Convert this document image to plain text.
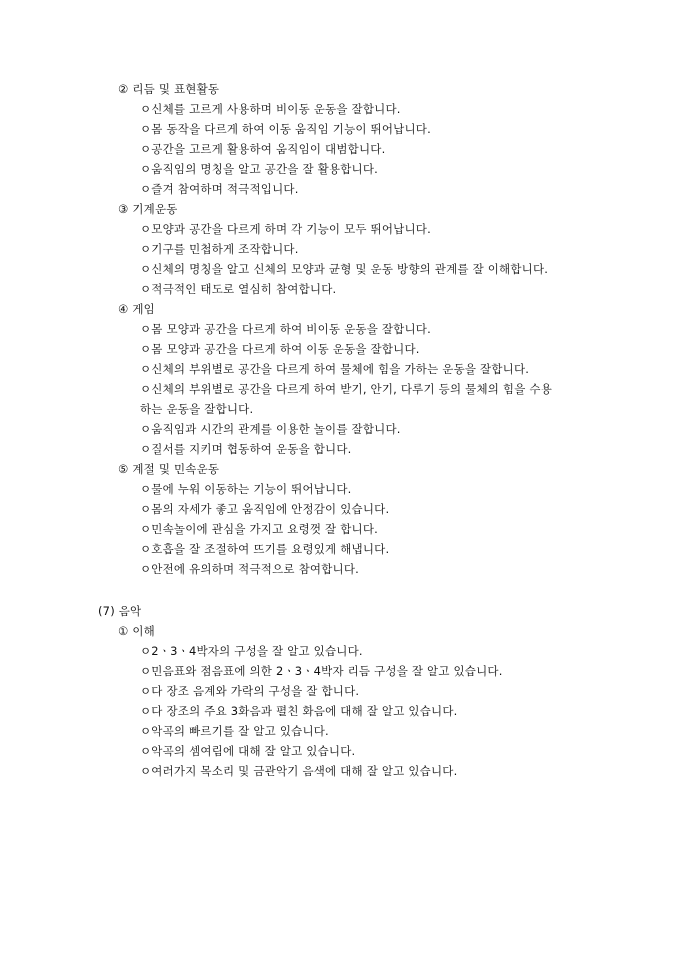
② 리듬 및 표현활동
ㅇ신체를 고르게 사용하며 비이동 운동을 잘합니다.
ㅇ몸 동작을 다르게 하여 이동 움직임 기능이 뛰어납니다.
ㅇ공간을 고르게 활용하여 움직임이 대범합니다.
ㅇ움직임의 명칭을 알고 공간을 잘 활용합니다.
ㅇ즐겨 참여하며 적극적입니다.
③ 기계운동
ㅇ모양과 공간을 다르게 하며 각 기능이 모두 뛰어납니다.
ㅇ기구를 민첩하게 조작합니다.
ㅇ신체의 명칭을 알고 신체의 모양과 균형 및 운동 방향의 관계를 잘 이해합니다.
ㅇ적극적인 태도로 열심히 참여합니다.
④ 게임
ㅇ몸 모양과 공간을 다르게 하여 비이동 운동을 잘합니다.
ㅇ몸 모양과 공간을 다르게 하여 이동 운동을 잘합니다.
ㅇ신체의 부위별로 공간을 다르게 하여 물체에 힘을 가하는 운동을 잘합니다.
ㅇ신체의 부위별로 공간을 다르게 하여 받기, 안기, 다루기 등의 물체의 힘을 수용
하는 운동을 잘합니다.
ㅇ움직임과 시간의 관계를 이용한 놀이를 잘합니다.
ㅇ질서를 지키며 협동하여 운동을 합니다.
⑤ 계절 및 민속운동
ㅇ물에 누워 이동하는 기능이 뛰어납니다.
ㅇ몸의 자세가 좋고 움직임에 안정감이 있습니다.
ㅇ민속놀이에 관심을 가지고 요령껏 잘 합니다.
ㅇ호흡을 잘 조절하여 뜨기를 요령있게 해냅니다.
ㅇ안전에 유의하며 적극적으로 참여합니다.
(7) 음악
① 이해
ㅇ2ㆍ3ㆍ4박자의 구성을 잘 알고 있습니다.
ㅇ민음표와 점음표에 의한 2ㆍ3ㆍ4박자 리듬 구성을 잘 알고 있습니다.
ㅇ다 장조 음계와 가락의 구성을 잘 합니다.
ㅇ다 장조의 주요 3화음과 펼친 화음에 대해 잘 알고 있습니다.
ㅇ악곡의 빠르기를 잘 알고 있습니다.
ㅇ악곡의 셈여림에 대해 잘 알고 있습니다.
ㅇ여러가지 목소리 및 금관악기 음색에 대해 잘 알고 있습니다.
